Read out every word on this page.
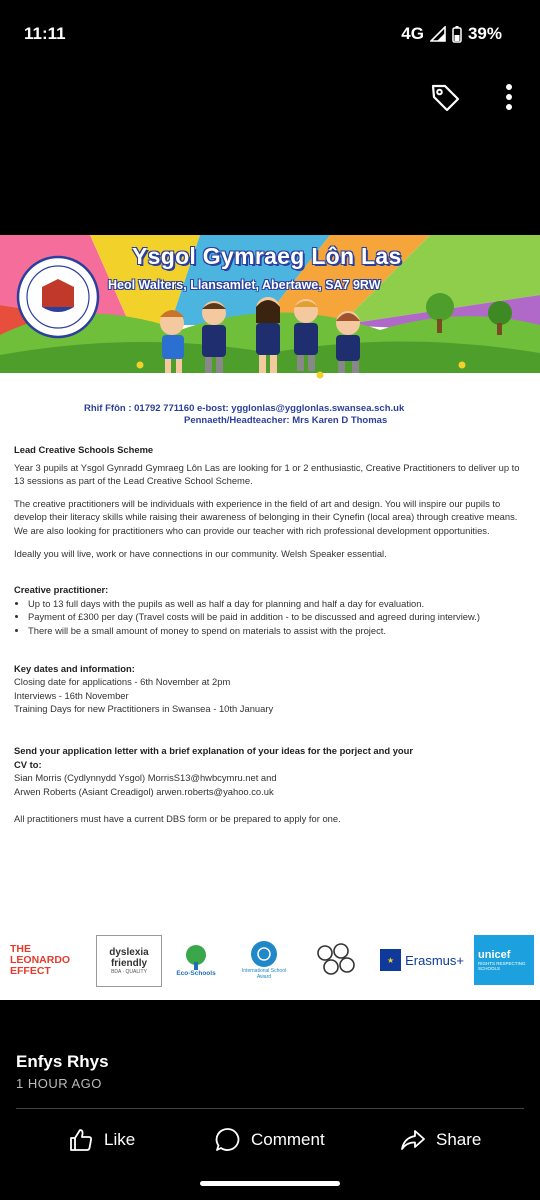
11:11	4G	39%
Ysgol Gymraeg Lôn Las
Heol Walters, Llansamlet, Abertawe, SA7 9RW
Rhif Ffôn : 01792 771160 e-bost: ygglonlas@ygglonlas.swansea.sch.uk
Pennaeth/Headteacher: Mrs Karen D Thomas

Lead Creative Schools Scheme

Year 3 pupils at Ysgol Gynradd Gymraeg Lôn Las are looking for 1 or 2 enthusiastic, Creative Practitioners to deliver up to 13 sessions as part of the Lead Creative School Scheme.

The creative practitioners will be individuals with experience in the field of art and design. You will inspire our pupils to develop their literacy skills while raising their awareness of belonging in their Cynefin (local area) through creative means. We are also looking for practitioners who can provide our teacher with rich professional development opportunities.

Ideally you will live, work or have connections in our community. Welsh Speaker essential.

Creative practitioner:

• Up to 13 full days with the pupils as well as half a day for planning and half a day for evaluation.
• Payment of £300 per day (Travel costs will be paid in addition - to be discussed and agreed during interview.)
• There will be a small amount of money to spend on materials to assist with the project.

Key dates and information:

Closing date for applications - 6th November at 2pm
Interviews - 16th November
Training Days for new Practitioners in Swansea - 10th January

Send your application letter with a brief explanation of your ideas for the porject and your CV to:

Sian Morris (Cydlynnydd Ysgol) MorrisS13@hwbcymru.net and
Arwen Roberts (Asiant Creadigol) arwen.roberts@yahoo.co.uk
All practitioners must have a current DBS form or be prepared to apply for one.
THE LEONARDO EFFECT
dyslexia friendly
BDA · QUALITY	Eco-Schools	International School Award
★ Erasmus+ unicef
RIGHTS RESPECTING SCHOOLS
Enfys Rhys
1 HOUR AGO
Like	Comment	Share
